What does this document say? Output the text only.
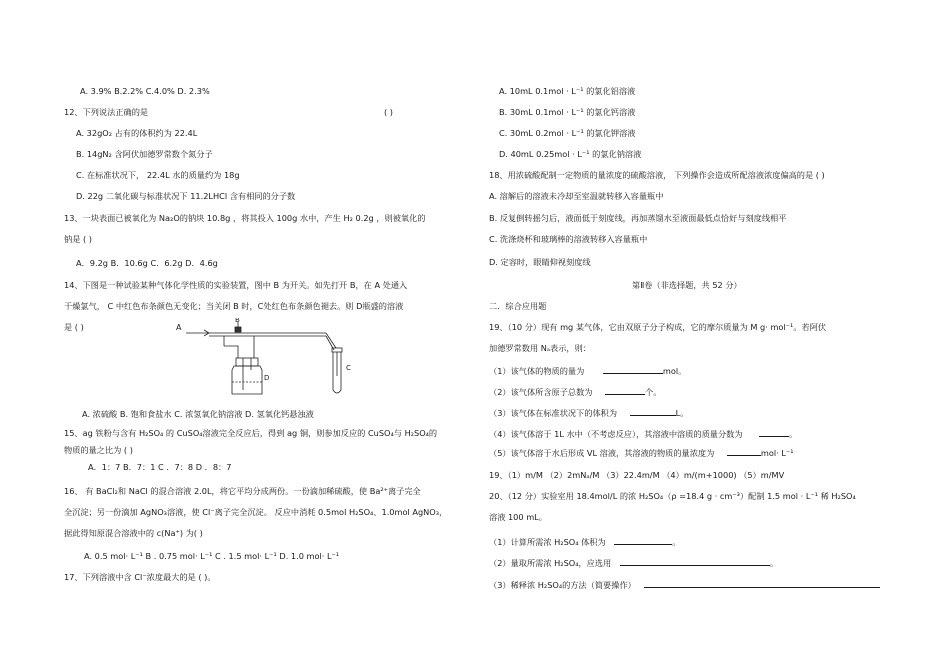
A. 3.9% B.2.2% C.4.0% D. 2.3%
12、下列说法正确的是	( )
A. 32gO₂ 占有的体积约为 22.4L
B. 14gN₂ 含阿伏加德罗常数个氮分子
C. 在标准状况下， 22.4L 水的质量约为 18g
D. 22g 二氧化碳与标准状况下 11.2LHCl 含有相同的分子数
13、一块表面已被氧化为 Na₂O的钠块 10.8g ，将其投入 100g 水中，产生 H₂ 0.2g ，则被氧化的
钠是 ( )
A．9.2g B．10.6g C．6.2g D．4.6g
14、下图是一种试验某种气体化学性质的实验装置，图中 B 为开关。如先打开 B，在 A 处通入
干燥氯气， C 中红色布条颜色无变化；当关闭 B 时，C处红色布条颜色褪去。则 D瓶盛的溶液
是 ( )	A
B
C
D
A. 浓硫酸 B. 饱和食盐水 C. 浓氢氧化钠溶液 D. 氢氧化钙悬浊液
15、ag 铁粉与含有 H₂SO₄ 的 CuSO₄溶液完全反应后，得到 ag 铜，则参加反应的 CuSO₄与 H₂SO₄的
物质的量之比为 ( )
A．1：7 B．7：1 C ．7：8 D ．8：7
16、 有 BaCl₂和 NaCl 的混合溶液 2.0L，将它平均分成两份。一份滴加稀硫酸，使 Ba²⁺离子完全
全沉淀；另一份滴加 AgNO₃溶液，使 Cl⁻离子完全沉淀。 反应中消耗 0.5mol H₂SO₄、1.0mol AgNO₃，
据此得知原混合溶液中的 c(Na⁺) 为( )
A. 0.5 mol· L⁻¹ B . 0.75 mol· L⁻¹ C . 1.5 mol· L⁻¹ D. 1.0 mol· L⁻¹
17、下列溶液中含 Cl⁻浓度最大的是 ( )。
A. 10mL 0.1mol · L⁻¹ 的氯化铝溶液
B. 30mL 0.1mol · L⁻¹ 的氯化钙溶液
C. 30mL 0.2mol · L⁻¹ 的氯化钾溶液
D. 40mL 0.25mol · L⁻¹ 的氯化钠溶液
18、用浓硫酸配制一定物质的量浓度的硫酸溶液， 下列操作会造成所配溶液浓度偏高的是 ( )
A. 溶解后的溶液未冷却至室温就转移入容量瓶中
B. 反复倒转摇匀后，液面低于刻度线，再加蒸馏水至液面最低点恰好与刻度线相平
C. 洗涤烧杯和玻璃棒的溶液转移入容量瓶中
D. 定容时，眼睛仰视刻度线
第Ⅱ卷（非选择题，共 52 分）
二．综合应用题
19、（10 分）现有 mg 某气体，它由双原子分子构成，它的摩尔质量为 M g· mol⁻¹。若阿伏
加德罗常数用 Nₐ表示，则：
（1）该气体的物质的量为	mol。
（2）该气体所含原子总数为	个。
（3）该气体在标准状况下的体积为	L。
（4）该气体溶于 1L 水中（不考虑反应），其溶液中溶质的质量分数为	。
（5）该气体溶于水后形成 VL 溶液，其溶液的物质的量浓度为	mol· L⁻¹
19、（1）m/M （2）2mNₐ/M （3）22.4m/M （4）m/(m+1000) （5）m/MV
20、（12 分）实验室用 18.4mol/L 的浓 H₂SO₄（ρ =18.4 g · cm⁻³）配制 1.5 mol · L⁻¹ 稀 H₂SO₄
溶液 100 mL。
（1）计算所需浓 H₂SO₄ 体积为	。
（2）量取所需浓 H₂SO₄，应选用	。
（3）稀释浓 H₂SO₄的方法（简要操作）
